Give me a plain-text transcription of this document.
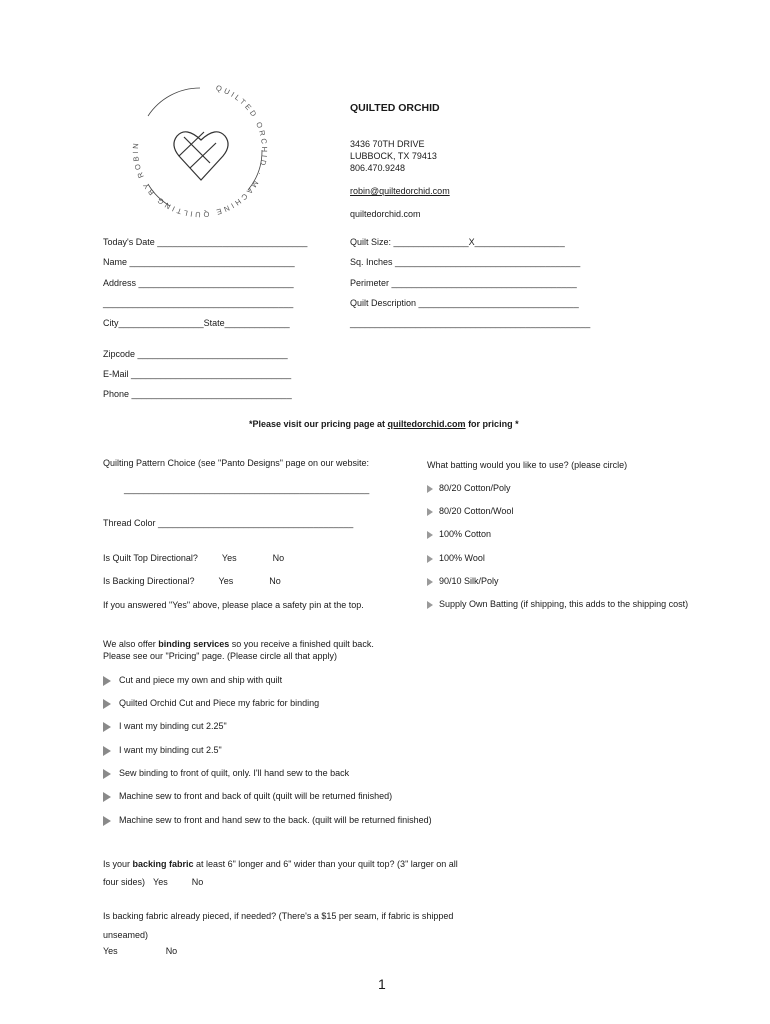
QUILTED ORCHID · MACHINE QUILTING BY ROBIN
QUILTED ORCHID
3436 70TH DRIVE
LUBBOCK, TX 79413
806.470.9248
robin@quiltedorchid.com
quiltedorchid.com
Today's Date ______________________________
Name _________________________________
Address _______________________________
______________________________________
City_________________State_____________
Zipcode ______________________________
E-Mail ________________________________
Phone ________________________________
Quilt Size: _______________X__________________
Sq. Inches _____________________________________
Perimeter _____________________________________
Quilt Description ________________________________
________________________________________________
*Please visit our pricing page at quiltedorchid.com for pricing *
Quilting Pattern Choice (see "Panto Designs" page on our website:
_________________________________________________
Thread Color _______________________________________
Is Quilt Top Directional?	Yes	No
Is Backing Directional?	Yes	No
If you answered "Yes" above, please place a safety pin at the top.
What batting would you like to use? (please circle)
80/20 Cotton/Poly
80/20 Cotton/Wool
100% Cotton
100% Wool
90/10 Silk/Poly
Supply Own Batting (if shipping, this adds to the shipping cost)
We also offer binding services so you receive a finished quilt back.
Please see our "Pricing" page. (Please circle all that apply)
Cut and piece my own and ship with quilt
Quilted Orchid Cut and Piece my fabric for binding
I want my binding cut 2.25"
I want my binding cut 2.5"
Sew binding to front of quilt, only. I'll hand sew to the back
Machine sew to front and back of quilt (quilt will be returned finished)
Machine sew to front and hand sew to the back. (quilt will be returned finished)
Is your backing fabric at least 6" longer and 6" wider than your quilt top? (3" larger on all
four sides) Yes	No
Is backing fabric already pieced, if needed? (There's a $15 per seam, if fabric is shipped
unseamed)
Yes	No
1
